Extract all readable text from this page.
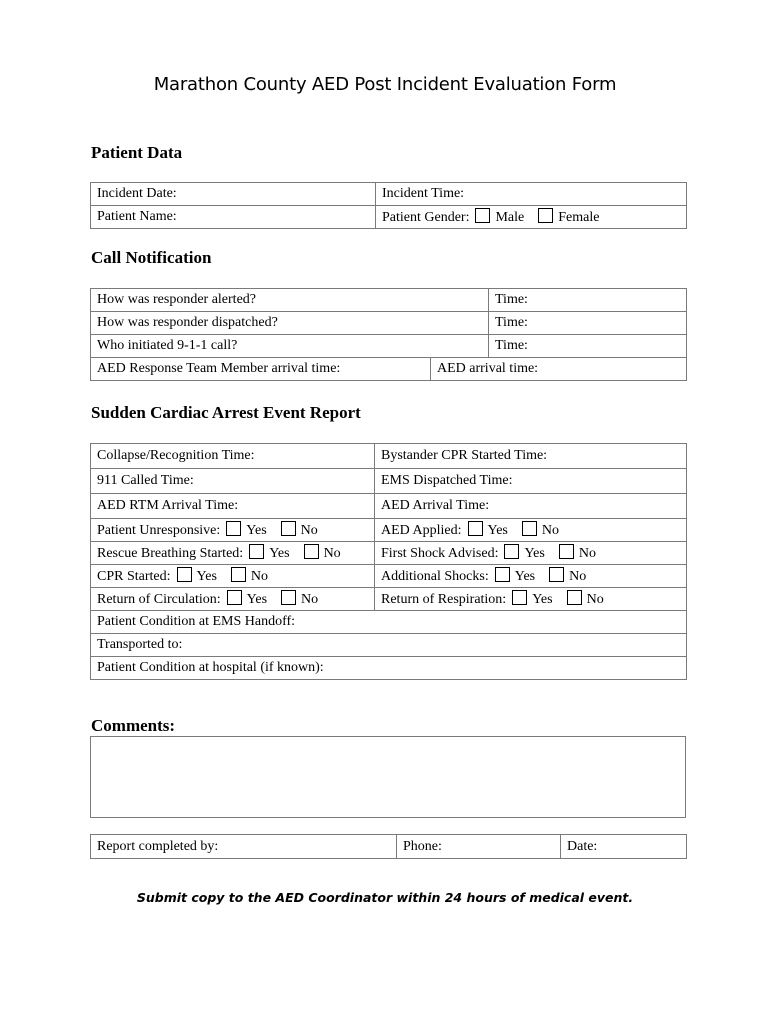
Marathon County AED Post Incident Evaluation Form
Patient Data
Incident Date:	Incident Time:
Patient Name:	Patient Gender: Male Female
Call Notification
How was responder alerted?		Time:
How was responder dispatched?		Time:
Who initiated 9-1-1 call?		Time:
AED Response Team Member arrival time:	AED arrival time:	
Sudden Cardiac Arrest Event Report
Collapse/Recognition Time:	Bystander CPR Started Time:
911 Called Time:	EMS Dispatched Time:
AED RTM Arrival Time:	AED Arrival Time:
Patient Unresponsive: Yes No	AED Applied: Yes No
Rescue Breathing Started: Yes No	First Shock Advised: Yes No
CPR Started: Yes No	Additional Shocks: Yes No
Return of Circulation: Yes No	Return of Respiration: Yes No
Patient Condition at EMS Handoff:	
Transported to:	
Patient Condition at hospital (if known):	
Comments:
Report completed by:	Phone:	Date:
Submit copy to the AED Coordinator within 24 hours of medical event.
